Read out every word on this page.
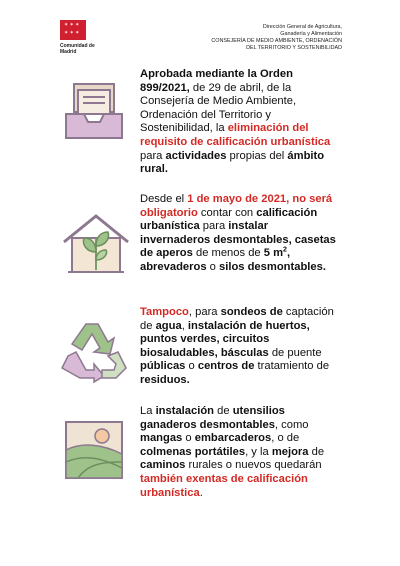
✶ ✶ ✶
✶ ✶ ✶
Comunidad de Madrid
Dirección General de Agricultura,
Ganadería y Alimentación
CONSEJERÍA DE MEDIO AMBIENTE, ORDENACIÓN
DEL TERRITORIO Y SOSTENIBILIDAD
Aprobada mediante la Orden 899/2021, de 29 de abril, de la Consejería de Medio Ambiente, Ordenación del Territorio y Sostenibilidad, la eliminación del requisito de calificación urbanística para actividades propias del ámbito rural.
Desde el 1 de mayo de 2021, no será obligatorio contar con calificación urbanística para instalar invernaderos desmontables, casetas de aperos de menos de 5 $m^2$, abrevaderos o silos desmontables.
Tampoco, para sondeos de captación de agua, instalación de huertos, puntos verdes, circuitos biosaludables, básculas de puente públicas o centros de tratamiento de residuos.
La instalación de utensilios ganaderos desmontables, como mangas o embarcaderos, o de colmenas portátiles, y la mejora de caminos rurales o nuevos quedarán también exentas de calificación urbanística.
